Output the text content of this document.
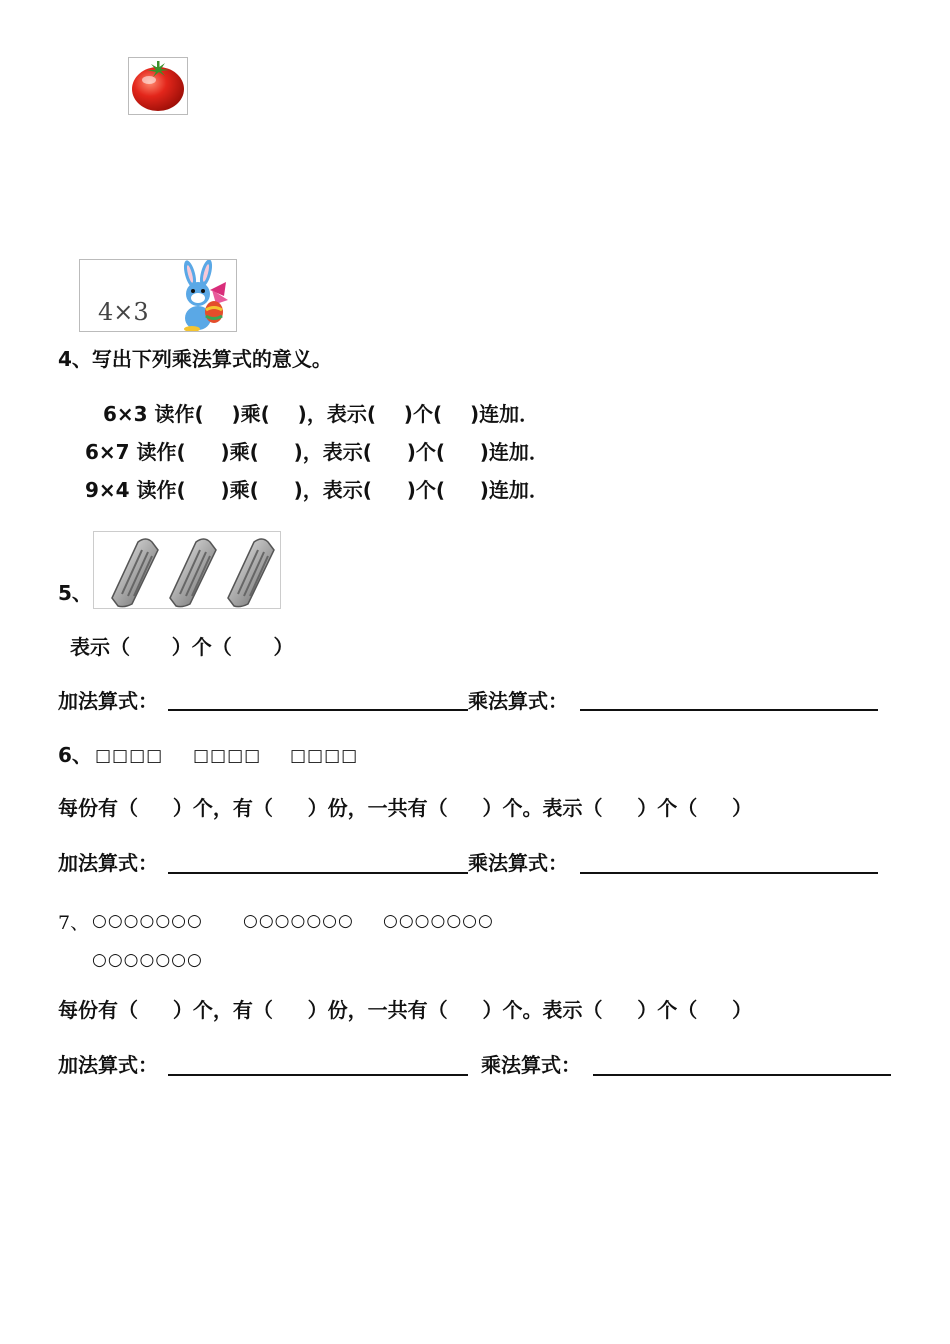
4×3
4、写出下列乘法算式的意义。
6×3 读作(    )乘(    )，表示(    )个(    )连加．
6×7 读作(     )乘(     )，表示(     )个(     )连加．
9×4 读作(     )乘(     )，表示(     )个(     )连加．
5、
表示（      ）个（      ）
加法算式：	乘法算式：
6、 □□□□ □□□□ □□□□
每份有（     ）个，有（     ）份，一共有（     ）个。表示（     ）个（     ）
加法算式：	乘法算式：
7、 ○○○○○○○ ○○○○○○○ ○○○○○○○
○○○○○○○
每份有（     ）个，有（     ）份，一共有（     ）个。表示（     ）个（     ）
加法算式：	乘法算式：
